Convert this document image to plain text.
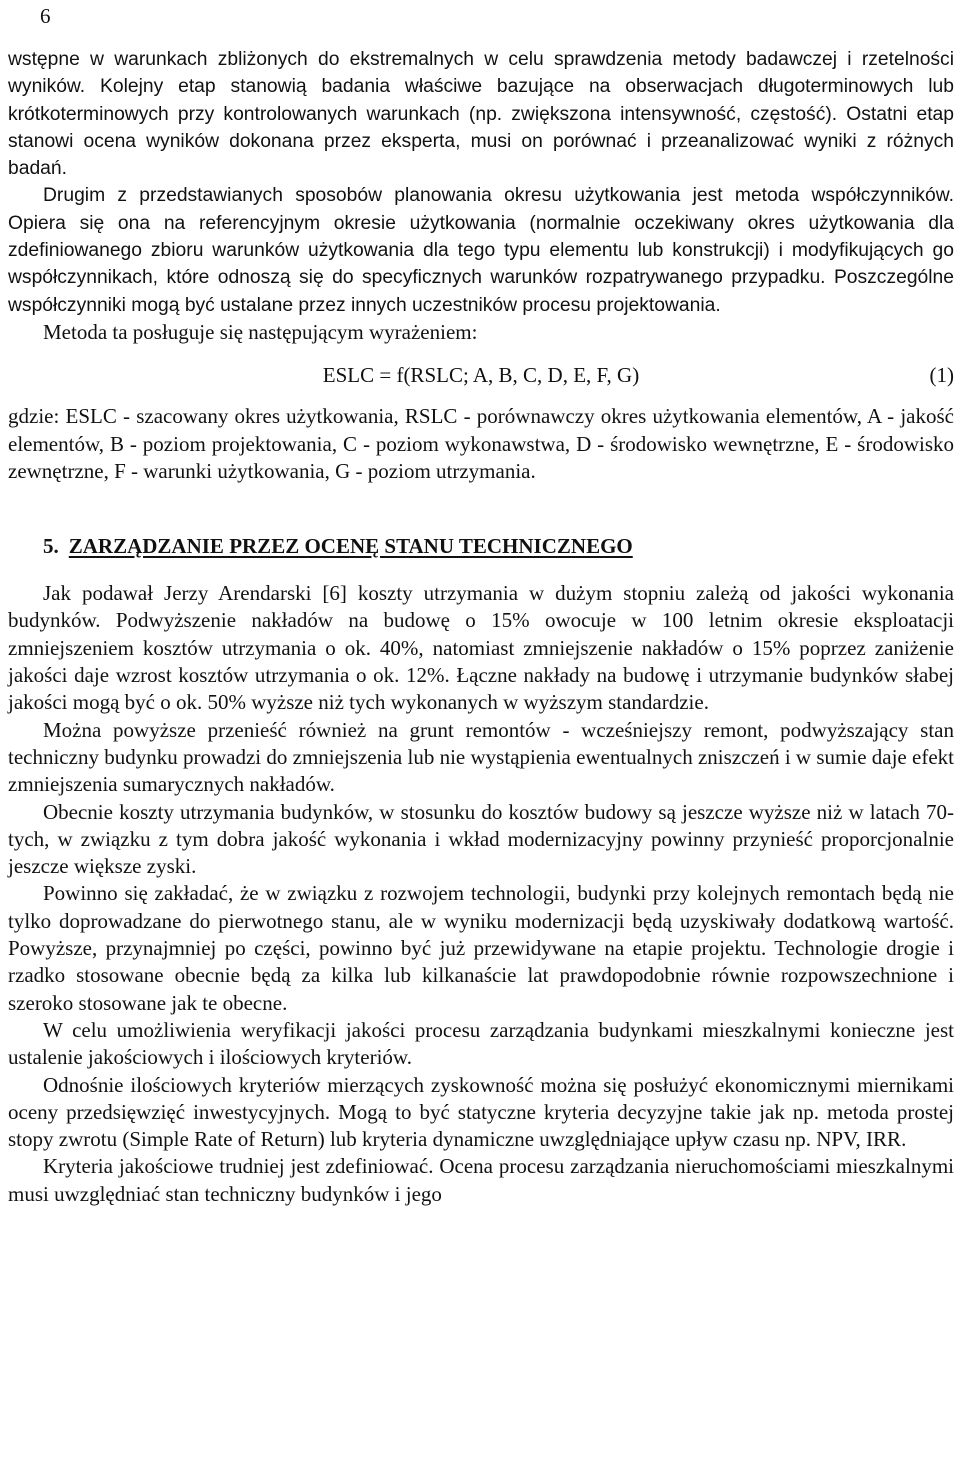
6

wstępne w warunkach zbliżonych do ekstremalnych w celu sprawdzenia metody badawczej i rzetelności wyników. Kolejny etap stanowią badania właściwe bazujące na obserwacjach długoterminowych lub krótkoterminowych przy kontrolowanych warunkach (np. zwiększona intensywność, częstość). Ostatni etap stanowi ocena wyników dokonana przez eksperta, musi on porównać i przeanalizować wyniki z różnych badań.

Drugim z przedstawianych sposobów planowania okresu użytkowania jest metoda współczynników. Opiera się ona na referencyjnym okresie użytkowania (normalnie oczekiwany okres użytkowania dla zdefiniowanego zbioru warunków użytkowania dla tego typu elementu lub konstrukcji) i modyfikujących go współczynnikach, które odnoszą się do specyficznych warunków rozpatrywanego przypadku. Poszczególne współczynniki mogą być ustalane przez innych uczestników procesu projektowania.

Metoda ta posługuje się następującym wyrażeniem:

ESLC = f(RSLC; A, B, C, D, E, F, G)	(1)

gdzie: ESLC - szacowany okres użytkowania, RSLC - porównawczy okres użytkowania elementów, A - jakość elementów, B - poziom projektowania, C - poziom wykonawstwa, D - środowisko wewnętrzne, E - środowisko zewnętrzne, F - warunki użytkowania, G - poziom utrzymania.

5. ZARZĄDZANIE PRZEZ OCENĘ STANU TECHNICZNEGO

Jak podawał Jerzy Arendarski [6] koszty utrzymania w dużym stopniu zależą od jakości wykonania budynków. Podwyższenie nakładów na budowę o 15% owocuje w 100 letnim okresie eksploatacji zmniejszeniem kosztów utrzymania o ok. 40%, natomiast zmniejszenie nakładów o 15% poprzez zaniżenie jakości daje wzrost kosztów utrzymania o ok. 12%. Łączne nakłady na budowę i utrzymanie budynków słabej jakości mogą być o ok. 50% wyższe niż tych wykonanych w wyższym standardzie.

Można powyższe przenieść również na grunt remontów - wcześniejszy remont, podwyższający stan techniczny budynku prowadzi do zmniejszenia lub nie wystąpienia ewentualnych zniszczeń i w sumie daje efekt zmniejszenia sumarycznych nakładów.

Obecnie koszty utrzymania budynków, w stosunku do kosztów budowy są jeszcze wyższe niż w latach 70-tych, w związku z tym dobra jakość wykonania i wkład modernizacyjny powinny przynieść proporcjonalnie jeszcze większe zyski.

Powinno się zakładać, że w związku z rozwojem technologii, budynki przy kolejnych remontach będą nie tylko doprowadzane do pierwotnego stanu, ale w wyniku modernizacji będą uzyskiwały dodatkową wartość. Powyższe, przynajmniej po części, powinno być już przewidywane na etapie projektu. Technologie drogie i rzadko stosowane obecnie będą za kilka lub kilkanaście lat prawdopodobnie równie rozpowszechnione i szeroko stosowane jak te obecne.

W celu umożliwienia weryfikacji jakości procesu zarządzania budynkami mieszkalnymi konieczne jest ustalenie jakościowych i ilościowych kryteriów.

Odnośnie ilościowych kryteriów mierzących zyskowność można się posłużyć ekonomicznymi miernikami oceny przedsięwzięć inwestycyjnych. Mogą to być statyczne kryteria decyzyjne takie jak np. metoda prostej stopy zwrotu (Simple Rate of Return) lub kryteria dynamiczne uwzględniające upływ czasu np. NPV, IRR.

Kryteria jakościowe trudniej jest zdefiniować. Ocena procesu zarządzania nieruchomościami mieszkalnymi musi uwzględniać stan techniczny budynków i jego
